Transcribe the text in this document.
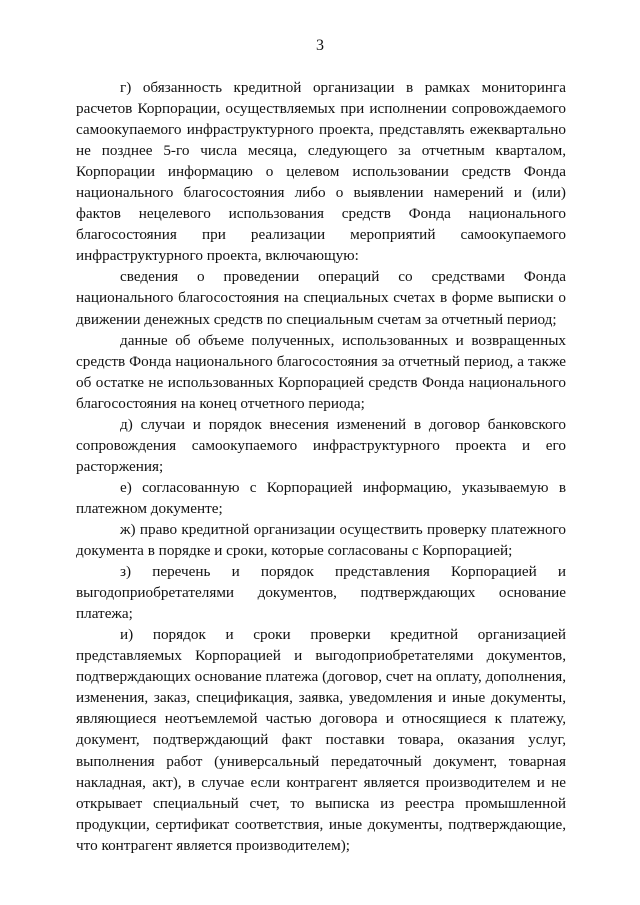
3

г) обязанность кредитной организации в рамках мониторинга расчетов Корпорации, осуществляемых при исполнении сопровождаемого самоокупаемого инфраструктурного проекта, представлять ежеквартально не позднее 5-го числа месяца, следующего за отчетным кварталом, Корпорации информацию о целевом использовании средств Фонда национального благосостояния либо о выявлении намерений и (или) фактов нецелевого использования средств Фонда национального благосостояния при реализации мероприятий самоокупаемого инфраструктурного проекта, включающую:

сведения о проведении операций со средствами Фонда национального благосостояния на специальных счетах в форме выписки о движении денежных средств по специальным счетам за отчетный период;

данные об объеме полученных, использованных и возвращенных средств Фонда национального благосостояния за отчетный период, а также об остатке не использованных Корпорацией средств Фонда национального благосостояния на конец отчетного периода;

д) случаи и порядок внесения изменений в договор банковского сопровождения самоокупаемого инфраструктурного проекта и его расторжения;

е) согласованную с Корпорацией информацию, указываемую в платежном документе;

ж) право кредитной организации осуществить проверку платежного документа в порядке и сроки, которые согласованы с Корпорацией;

з) перечень и порядок представления Корпорацией и выгодоприобретателями документов, подтверждающих основание платежа;

и) порядок и сроки проверки кредитной организацией представляемых Корпорацией и выгодоприобретателями документов, подтверждающих основание платежа (договор, счет на оплату, дополнения, изменения, заказ, спецификация, заявка, уведомления и иные документы, являющиеся неотъемлемой частью договора и относящиеся к платежу, документ, подтверждающий факт поставки товара, оказания услуг, выполнения работ (универсальный передаточный документ, товарная накладная, акт), в случае если контрагент является производителем и не открывает специальный счет, то выписка из реестра промышленной продукции, сертификат соответствия, иные документы, подтверждающие, что контрагент является производителем);
